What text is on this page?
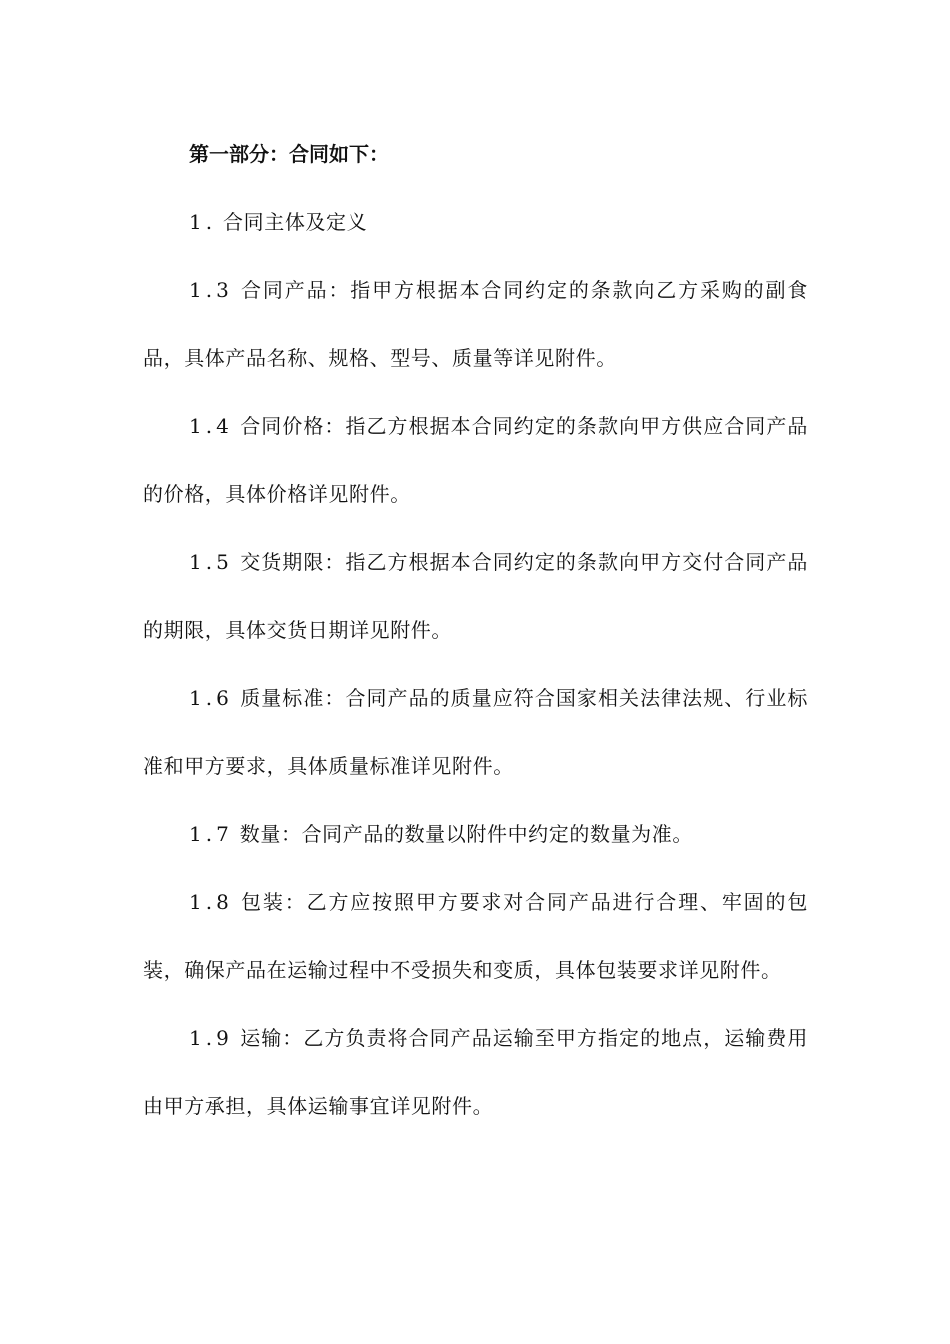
第一部分：合同如下：

1. 合同主体及定义

1.3 合同产品：指甲方根据本合同约定的条款向乙方采购的副食品，具体产品名称、规格、型号、质量等详见附件。

1.4 合同价格：指乙方根据本合同约定的条款向甲方供应合同产品的价格，具体价格详见附件。

1.5 交货期限：指乙方根据本合同约定的条款向甲方交付合同产品的期限，具体交货日期详见附件。

1.6 质量标准：合同产品的质量应符合国家相关法律法规、行业标准和甲方要求，具体质量标准详见附件。

1.7 数量：合同产品的数量以附件中约定的数量为准。

1.8 包装：乙方应按照甲方要求对合同产品进行合理、牢固的包装，确保产品在运输过程中不受损失和变质，具体包装要求详见附件。

1.9 运输：乙方负责将合同产品运输至甲方指定的地点，运输费用由甲方承担，具体运输事宜详见附件。
